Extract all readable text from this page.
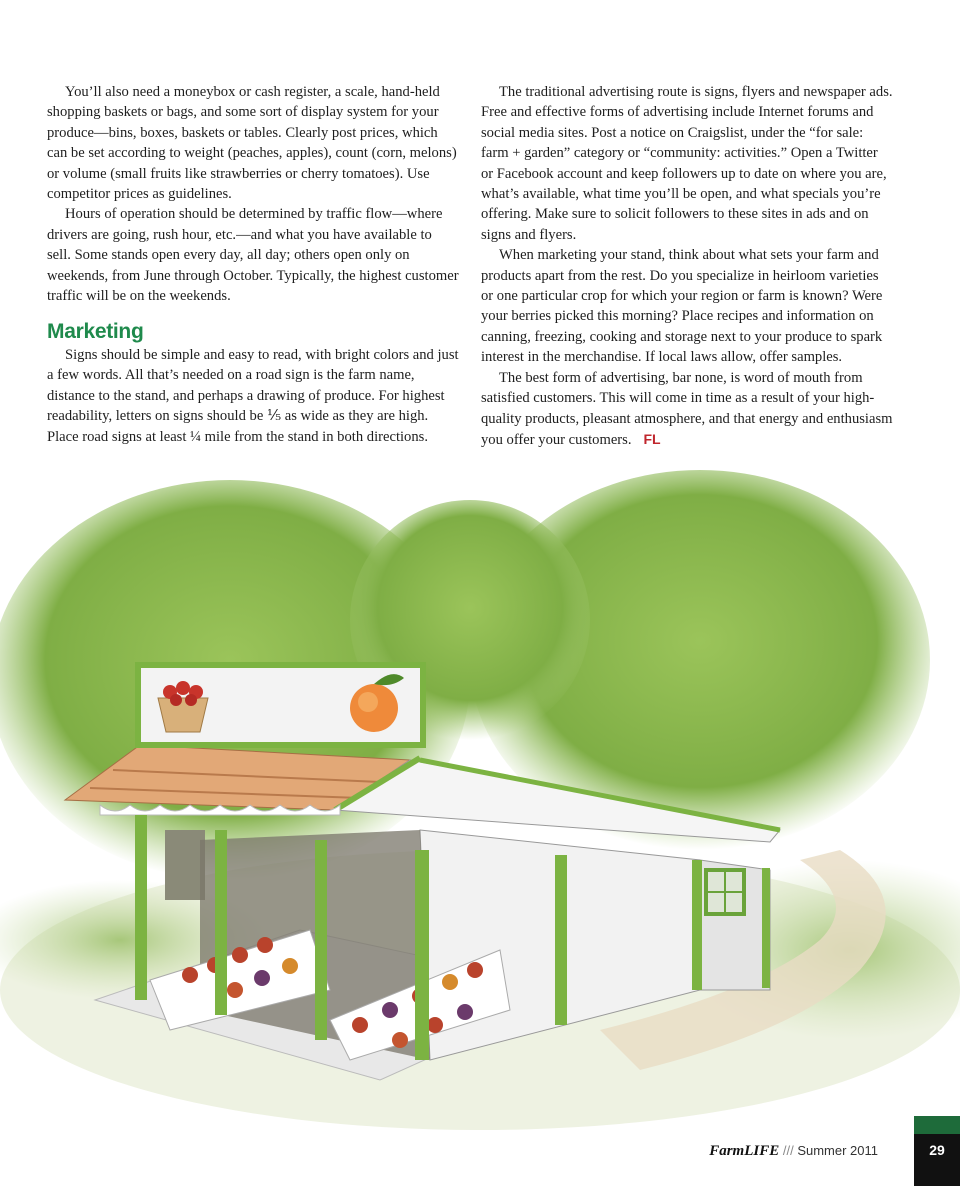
You’ll also need a moneybox or cash register, a scale, hand-held shopping baskets or bags, and some sort of display system for your produce—bins, boxes, baskets or tables. Clearly post prices, which can be set according to weight (peaches, apples), count (corn, melons) or volume (small fruits like strawberries or cherry tomatoes). Use competitor prices as guidelines.

Hours of operation should be determined by traffic flow—where drivers are going, rush hour, etc.—and what you have available to sell. Some stands open every day, all day; others open only on weekends, from June through October. Typically, the highest customer traffic will be on the weekends.

Marketing

Signs should be simple and easy to read, with bright colors and just a few words. All that’s needed on a road sign is the farm name, distance to the stand, and perhaps a drawing of produce. For highest readability, letters on signs should be ⅕ as wide as they are high. Place road signs at least ¼ mile from the stand in both directions.

The traditional advertising route is signs, flyers and newspaper ads. Free and effective forms of advertising include Internet forums and social media sites. Post a notice on Craigslist, under the “for sale: farm + garden” category or “community: activities.” Open a Twitter or Facebook account and keep followers up to date on where you are, what’s available, what time you’ll be open, and what specials you’re offering. Make sure to solicit followers to these sites in ads and on signs and flyers.

When marketing your stand, think about what sets your farm and products apart from the rest. Do you specialize in heirloom varieties or one particular crop for which your region or farm is known? Were your berries picked this morning? Place recipes and information on canning, freezing, cooking and storage next to your produce to spark interest in the merchandise. If local laws allow, offer samples.

The best form of advertising, bar none, is word of mouth from satisfied customers. This will come in time as a result of your high-quality products, pleasant atmosphere, and that energy and enthusiasm you offer your customers. FL

FarmLIFE /// Summer 2011	29
